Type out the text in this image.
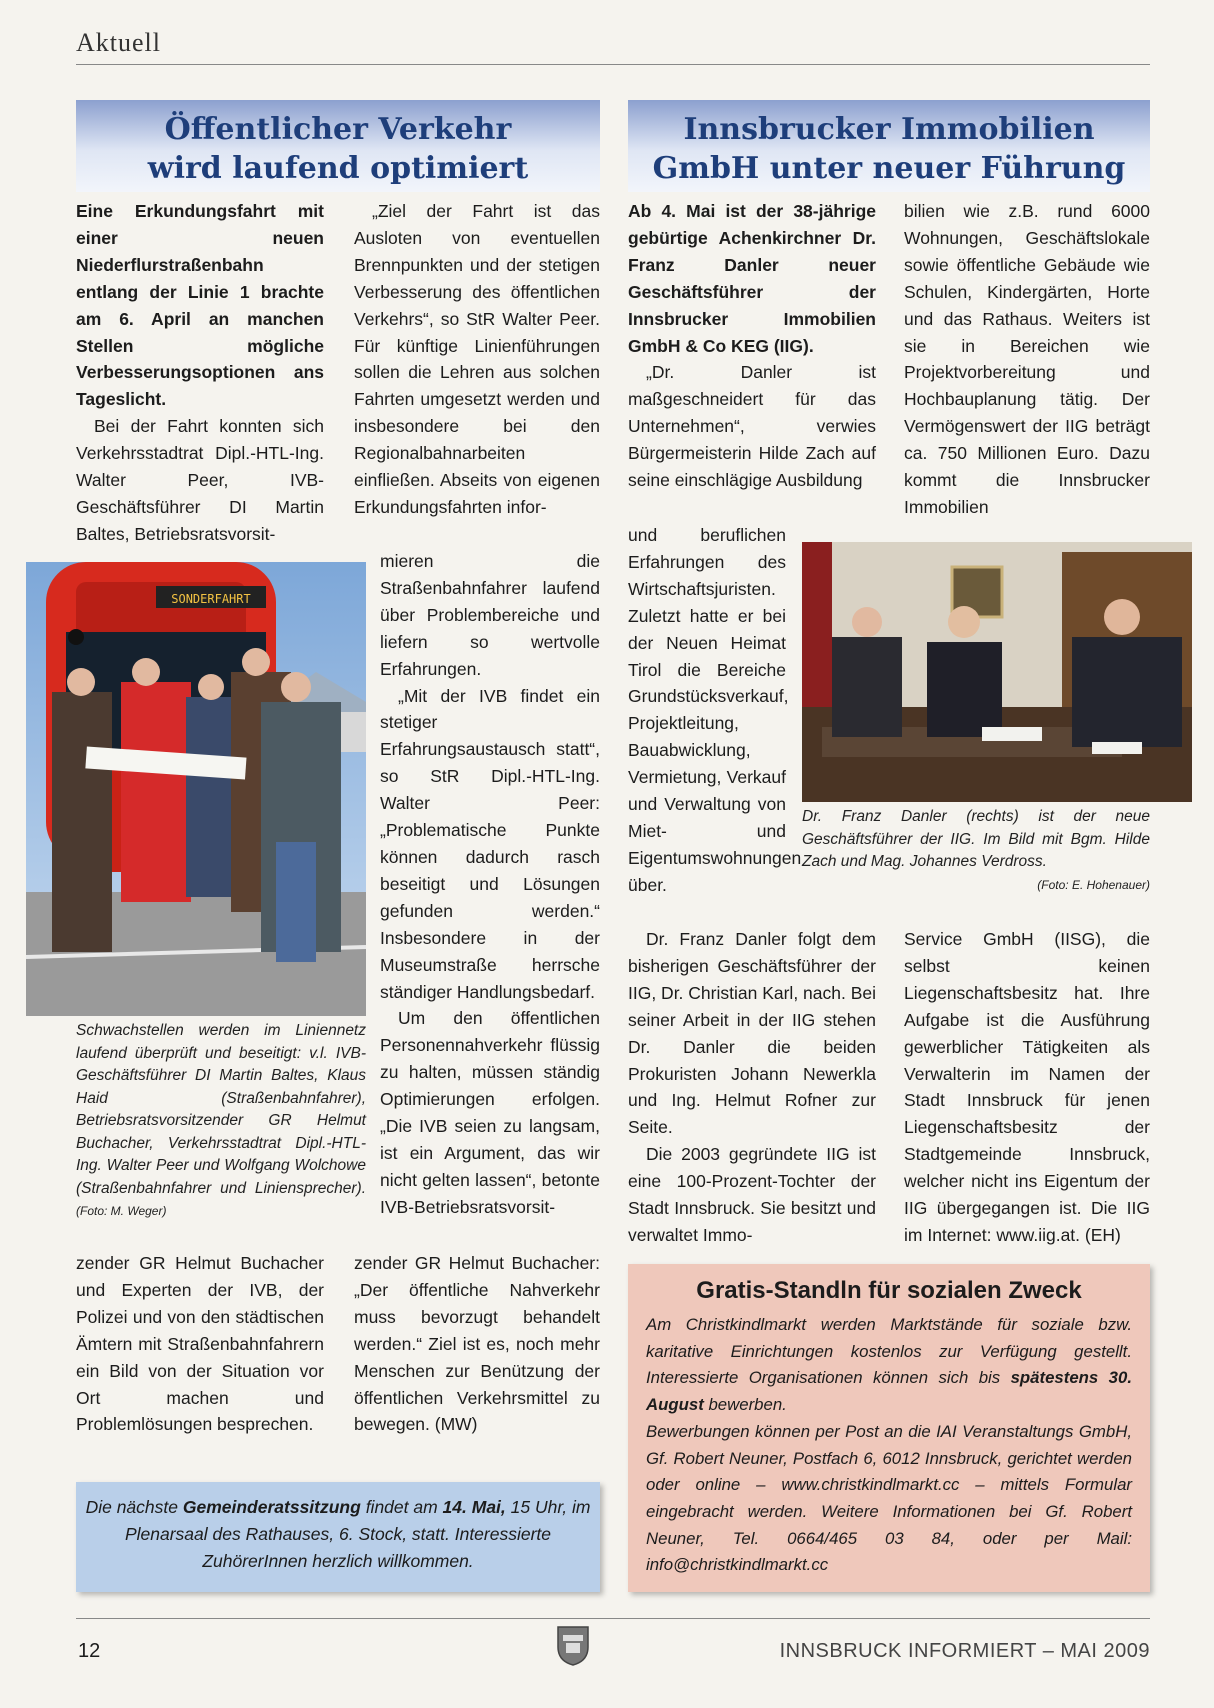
Aktuell
Öffentlicher Verkehr
wird laufend optimiert

Eine Erkundungsfahrt mit einer neuen Niederflurstraßenbahn entlang der Linie 1 brachte am 6. April an manchen Stellen mögliche Verbesserungsoptionen ans Tageslicht.

Bei der Fahrt konnten sich Verkehrsstadtrat Dipl.-HTL-Ing. Walter Peer, IVB-Geschäftsführer DI Martin Baltes, Betriebsratsvorsit-

SONDERFAHRT
Schwachstellen werden im Liniennetz laufend überprüft und beseitigt: v.l. IVB-Geschäftsführer DI Martin Baltes, Klaus Haid (Straßenbahnfahrer), Betriebsratsvorsitzender GR Helmut Buchacher, Verkehrsstadtrat Dipl.-HTL-Ing. Walter Peer und Wolfgang Wolchowe (Straßenbahnfahrer und Liniensprecher). (Foto: M. Weger)

zender GR Helmut Buchacher und Experten der IVB, der Polizei und von den städtischen Ämtern mit Straßenbahnfahrern ein Bild von der Situation vor Ort machen und Problemlösungen besprechen.

„Ziel der Fahrt ist das Ausloten von eventuellen Brennpunkten und der stetigen Verbesserung des öffentlichen Verkehrs“, so StR Walter Peer. Für künftige Linienführungen sollen die Lehren aus solchen Fahrten umgesetzt werden und insbesondere bei den Regionalbahnarbeiten einfließen. Abseits von eigenen Erkundungsfahrten infor-

mieren die Straßenbahnfahrer laufend über Problembereiche und liefern so wertvolle Erfahrungen.

„Mit der IVB findet ein stetiger Erfahrungsaustausch statt“, so StR Dipl.-HTL-Ing. Walter Peer: „Problematische Punkte können dadurch rasch beseitigt und Lösungen gefunden werden.“ Insbesondere in der Museumstraße herrsche ständiger Handlungsbedarf.

Um den öffentlichen Personennahverkehr flüssig zu halten, müssen ständig Optimierungen erfolgen. „Die IVB seien zu langsam, ist ein Argument, das wir nicht gelten lassen“, betonte IVB-Betriebsratsvorsit-

zender GR Helmut Buchacher: „Der öffentliche Nahverkehr muss bevorzugt behandelt werden.“ Ziel ist es, noch mehr Menschen zur Benützung der öffentlichen Verkehrsmittel zu bewegen. (MW)

Die nächste Gemeinderatssitzung findet am 14. Mai, 15 Uhr, im Plenarsaal des Rathauses, 6. Stock, statt. Interessierte ZuhörerInnen herzlich willkommen.
Innsbrucker Immobilien
GmbH unter neuer Führung

Ab 4. Mai ist der 38-jährige gebürtige Achenkirchner Dr. Franz Danler neuer Geschäftsführer der Innsbrucker Immobilien GmbH & Co KEG (IIG).

„Dr. Danler ist maßgeschneidert für das Unternehmen“, verwies Bürgermeisterin Hilde Zach auf seine einschlägige Ausbildung

und beruflichen Erfahrungen des Wirtschaftsjuristen. Zuletzt hatte er bei der Neuen Heimat Tirol die Bereiche Grundstücksverkauf, Projektleitung, Bauabwicklung, Vermietung, Verkauf und Verwaltung von Miet- und Eigentumswohnungen über.

Dr. Franz Danler folgt dem bisherigen Geschäftsführer der IIG, Dr. Christian Karl, nach. Bei seiner Arbeit in der IIG stehen Dr. Danler die beiden Prokuristen Johann Newerkla und Ing. Helmut Rofner zur Seite.

Die 2003 gegründete IIG ist eine 100-Prozent-Tochter der Stadt Innsbruck. Sie besitzt und verwaltet Immo-

bilien wie z.B. rund 6000 Wohnungen, Geschäftslokale sowie öffentliche Gebäude wie Schulen, Kindergärten, Horte und das Rathaus. Weiters ist sie in Bereichen wie Projektvorbereitung und Hochbauplanung tätig. Der Vermögenswert der IIG beträgt ca. 750 Millionen Euro. Dazu kommt die Innsbrucker Immobilien

Service GmbH (IISG), die selbst keinen Liegenschaftsbesitz hat. Ihre Aufgabe ist die Ausführung gewerblicher Tätigkeiten als Verwalterin im Namen der Stadt Innsbruck für jenen Liegenschaftsbesitz der Stadtgemeinde Innsbruck, welcher nicht ins Eigentum der IIG übergegangen ist. Die IIG im Internet: www.iig.at. (EH)

Dr. Franz Danler (rechts) ist der neue Geschäftsführer der IIG. Im Bild mit Bgm. Hilde Zach und Mag. Johannes Verdross.
(Foto: E. Hohenauer)
Gratis-Standln für sozialen Zweck
Am Christkindlmarkt werden Marktstände für soziale bzw. karitative Einrichtungen kostenlos zur Verfügung gestellt. Interessierte Organisationen können sich bis spätestens 30. August bewerben.
Bewerbungen können per Post an die IAI Veranstaltungs GmbH, Gf. Robert Neuner, Postfach 6, 6012 Innsbruck, gerichtet werden oder online – www.christkindlmarkt.cc – mittels Formular eingebracht werden. Weitere Informationen bei Gf. Robert Neuner, Tel. 0664/465 03 84, oder per Mail: info@christkindlmarkt.cc
12	INNSBRUCK INFORMIERT – MAI 2009
